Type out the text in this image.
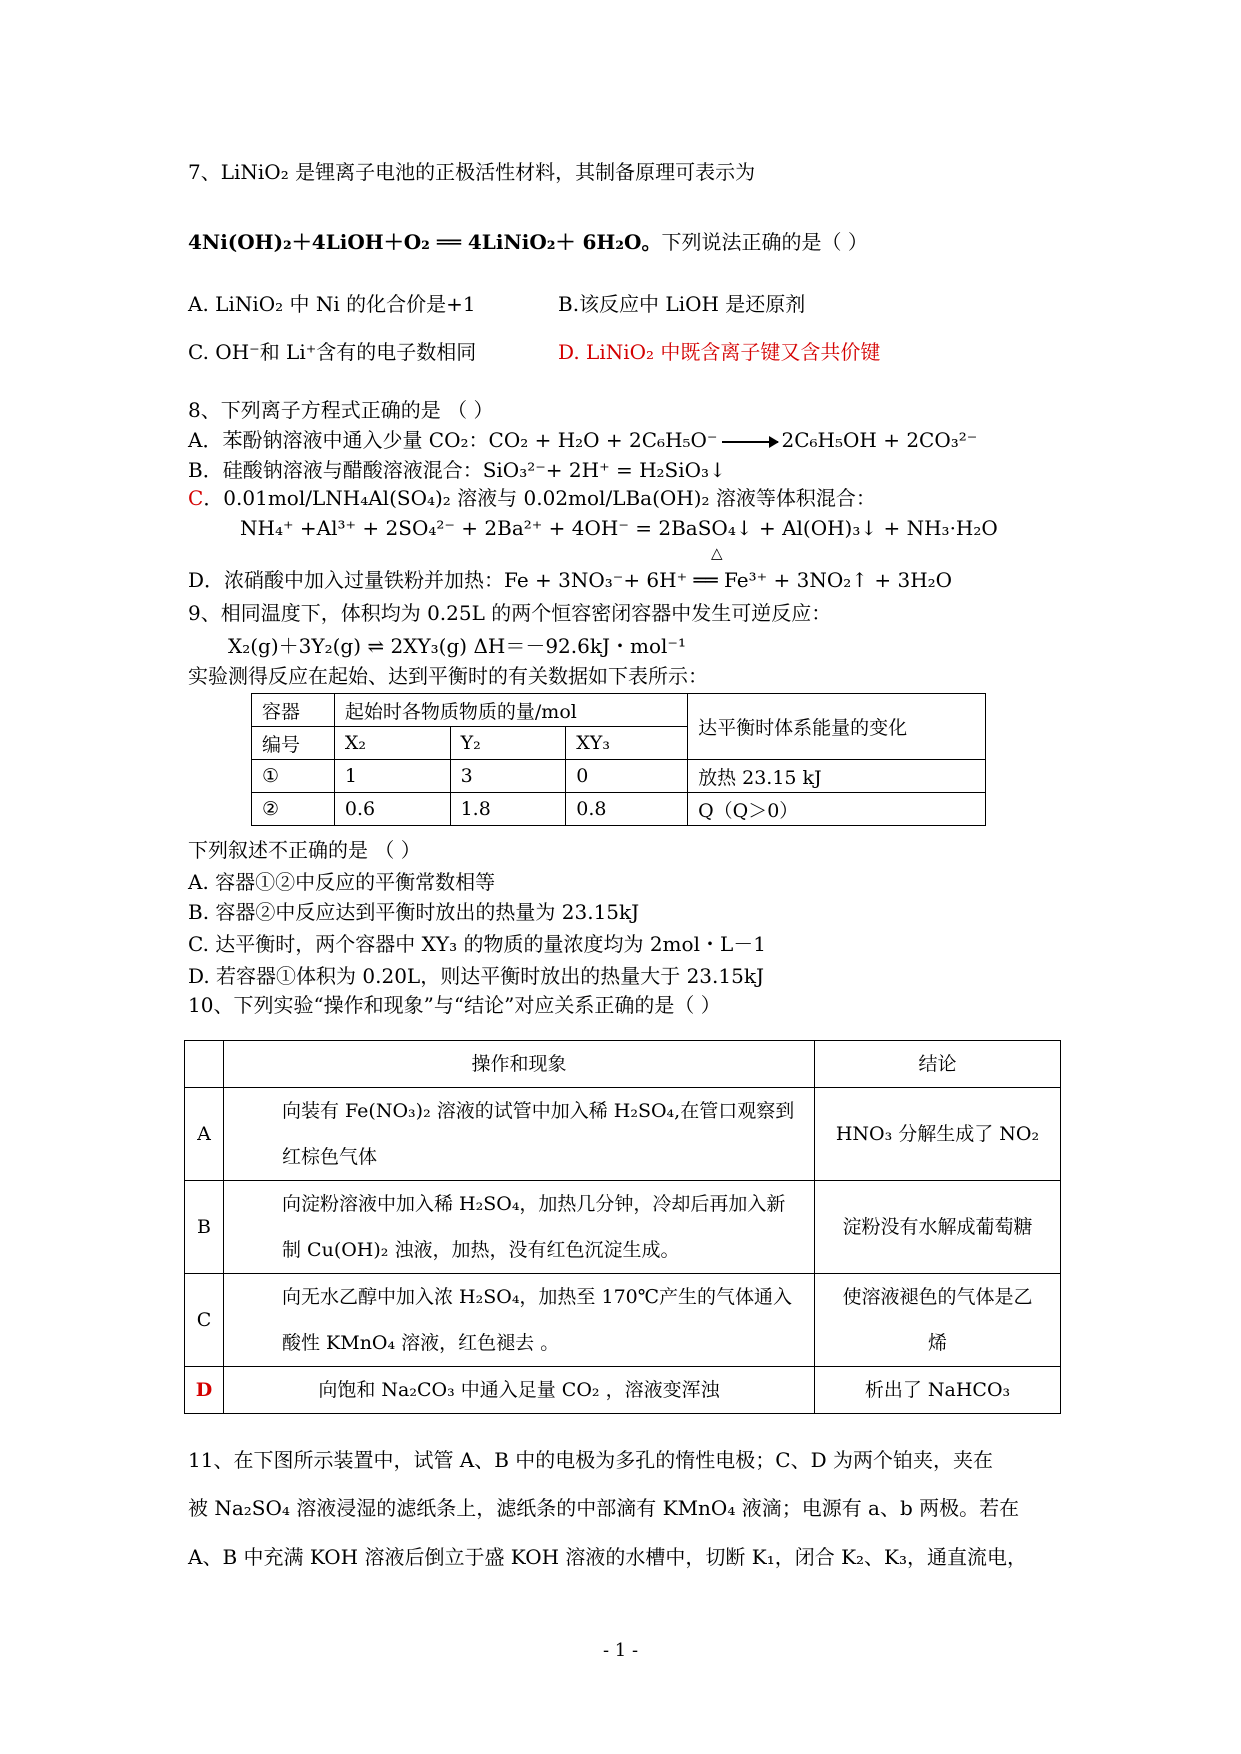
7、LiNiO₂ 是锂离子电池的正极活性材料，其制备原理可表示为
4Ni(OH)₂＋4LiOH＋O₂ ══ 4LiNiO₂＋ 6H₂O。下列说法正确的是（ ）
A. LiNiO₂ 中 Ni 的化合价是+1	B.该反应中 LiOH 是还原剂
C. OH⁻和 Li⁺含有的电子数相同	D. LiNiO₂ 中既含离子键又含共价键
8、下列离子方程式正确的是 （ ）
A．苯酚钠溶液中通入少量 CO₂：CO₂ + H₂O + 2C₆H₅O⁻ → 2C₆H₅OH + 2CO₃²⁻
B．硅酸钠溶液与醋酸溶液混合：SiO₃²⁻+ 2H⁺ = H₂SiO₃↓
C．0.01mol/LNH₄Al(SO₄)₂ 溶液与 0.02mol/LBa(OH)₂ 溶液等体积混合：
NH₄⁺ +Al³⁺ + 2SO₄²⁻ + 2Ba²⁺ + 4OH⁻ = 2BaSO₄↓ + Al(OH)₃↓ + NH₃·H₂O
△
D．浓硝酸中加入过量铁粉并加热：Fe + 3NO₃⁻+ 6H⁺ ══ Fe³⁺ + 3NO₂↑ + 3H₂O
9、相同温度下，体积均为 0.25L 的两个恒容密闭容器中发生可逆反应：
X₂(g)＋3Y₂(g) ⇌ 2XY₃(g) ΔH＝－92.6kJ・mol⁻¹
实验测得反应在起始、达到平衡时的有关数据如下表所示：
容器	起始时各物质物质的量/mol			达平衡时体系能量的变化
编号	X₂	Y₂	XY₃	
①	1	3	0	放热 23.15 kJ
②	0.6	1.8	0.8	Q（Q＞0）
下列叙述不正确的是 （ ）
A. 容器①②中反应的平衡常数相等
B. 容器②中反应达到平衡时放出的热量为 23.15kJ
C. 达平衡时，两个容器中 XY₃ 的物质的量浓度均为 2mol・L－1
D. 若容器①体积为 0.20L，则达平衡时放出的热量大于 23.15kJ
10、下列实验“操作和现象”与“结论”对应关系正确的是（ ）
	操作和现象	结论
A	向装有 Fe(NO₃)₂ 溶液的试管中加入稀 H₂SO₄,在管口观察到红棕色气体	HNO₃ 分解生成了 NO₂
B	向淀粉溶液中加入稀 H₂SO₄，加热几分钟，冷却后再加入新制 Cu(OH)₂ 浊液，加热，没有红色沉淀生成。	淀粉没有水解成葡萄糖
C	向无水乙醇中加入浓 H₂SO₄，加热至 170℃产生的气体通入酸性 KMnO₄ 溶液，红色褪去 。	使溶液褪色的气体是乙烯
D	向饱和 Na₂CO₃ 中通入足量 CO₂ ，溶液变浑浊	析出了 NaHCO₃
11、在下图所示装置中，试管 A、B 中的电极为多孔的惰性电极；C、D 为两个铂夹，夹在
被 Na₂SO₄ 溶液浸湿的滤纸条上，滤纸条的中部滴有 KMnO₄ 液滴；电源有 a、b 两极。若在
A、B 中充满 KOH 溶液后倒立于盛 KOH 溶液的水槽中，切断 K₁，闭合 K₂、K₃，通直流电，
- 1 -
